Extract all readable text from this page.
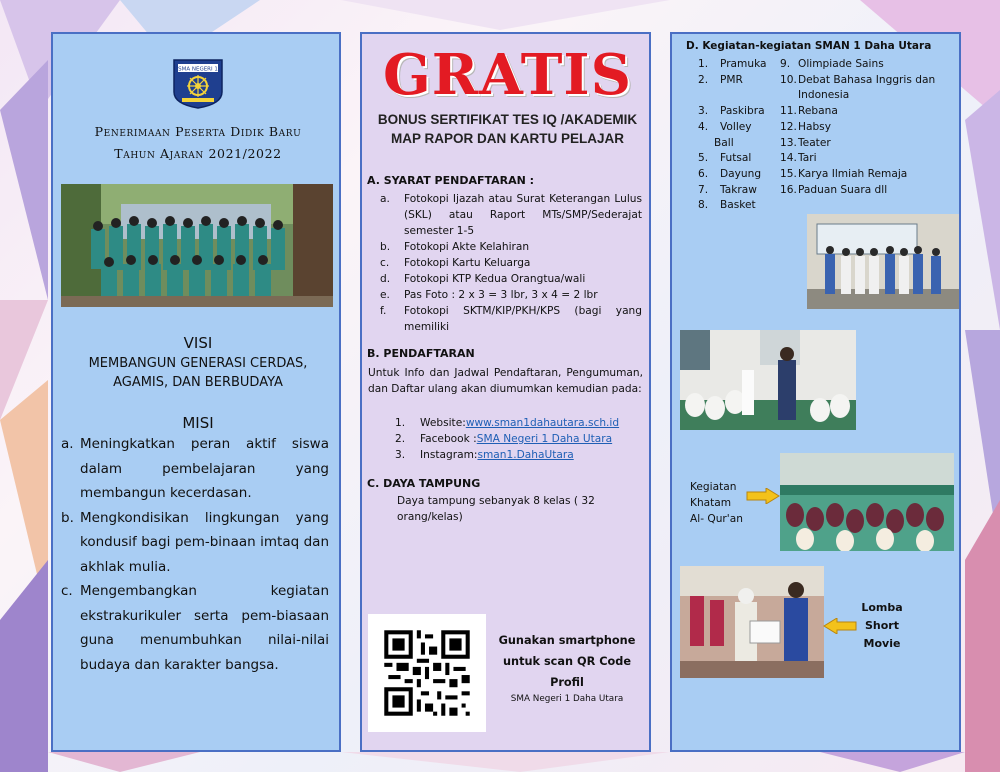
SMA NEGERI 1
Penerimaan Peserta Didik Baru
Tahun Ajaran 2021/2022
VISI
MEMBANGUN GENERASI CERDAS, AGAMIS, DAN BERBUDAYA
MISI
a. Meningkatkan peran aktif siswa dalam pembelajaran yang membangun kecerdasan.
b. Mengkondisikan lingkungan yang kondusif bagi pem-binaan imtaq dan akhlak mulia.
c. Mengembangkan kegiatan ekstrakurikuler serta pem-biasaan guna menumbuhkan nilai-nilai budaya dan karakter bangsa.
GRATIS
BONUS SERTIFIKAT TES IQ /AKADEMIK
MAP RAPOR DAN KARTU PELAJAR
A. SYARAT PENDAFTARAN :
a.	Fotokopi Ijazah atau Surat Keterangan Lulus (SKL) atau Raport MTs/SMP/Sederajat semester 1-5
b.	Fotokopi Akte Kelahiran
c.	Fotokopi Kartu Keluarga
d.	Fotokopi KTP Kedua Orangtua/wali
e.	Pas Foto : 2 x 3 = 3 lbr, 3 x 4 = 2 lbr
f.	Fotokopi SKTM/KIP/PKH/KPS (bagi yang memiliki
B. PENDAFTARAN
Untuk Info dan Jadwal Pendaftaran, Pengumuman, dan Daftar ulang akan diumumkan kemudian pada:
1.	Website: www.sman1dahautara.sch.id
2.	Facebook : SMA Negeri 1 Daha Utara
3.	Instagram: sman1.DahaUtara
C. DAYA TAMPUNG
Daya tampung sebanyak 8 kelas ( 32 orang/kelas)
Gunakan smartphone untuk scan QR Code Profil
SMA Negeri 1 Daha Utara
D. Kegiatan-kegiatan SMAN 1 Daha Utara
1. Pramuka
2. PMR
3. Paskibra
4. Volley
Ball
5. Futsal
6. Dayung
7. Takraw
8. Basket
9. Olimpiade Sains
10.Debat Bahasa Inggris dan
Indonesia
11.Rebana
12.Habsy
13.Teater
14.Tari
15.Karya Ilmiah Remaja
16.Paduan Suara dll
Kegiatan
Khatam
Al- Qur'an
Lomba
Short
Movie
